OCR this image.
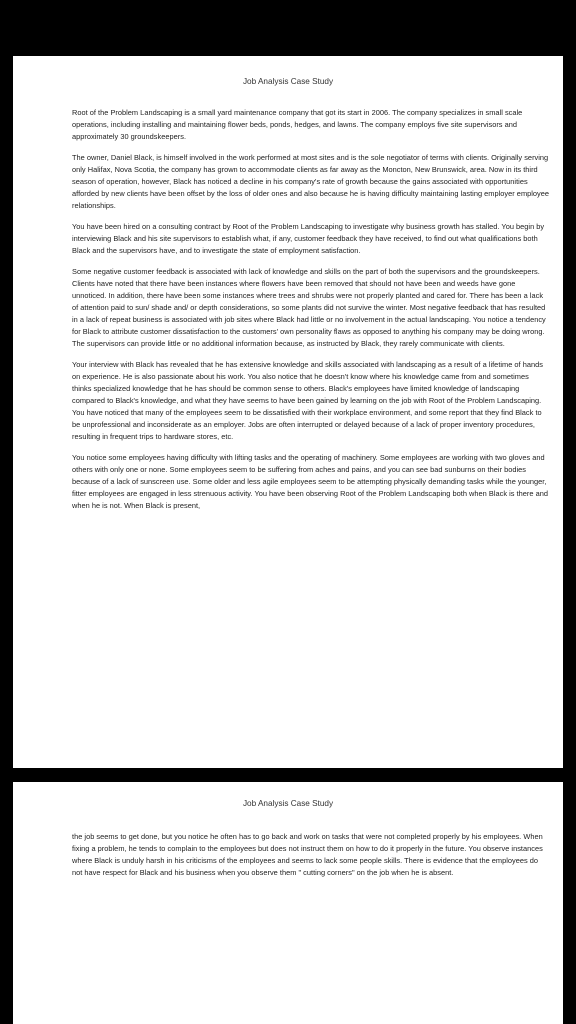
Job Analysis Case Study

Root of the Problem Landscaping is a small yard maintenance company that got its start in 2006. The company specializes in small scale operations, including installing and maintaining flower beds, ponds, hedges, and lawns. The company employs five site supervisors and approximately 30 groundskeepers.

The owner, Daniel Black, is himself involved in the work performed at most sites and is the sole negotiator of terms with clients. Originally serving only Halifax, Nova Scotia, the company has grown to accommodate clients as far away as the Moncton, New Brunswick, area. Now in its third season of operation, however, Black has noticed a decline in his company's rate of growth because the gains associated with opportunities afforded by new clients have been offset by the loss of older ones and also because he is having difficulty maintaining lasting employer employee relationships.

You have been hired on a consulting contract by Root of the Problem Landscaping to investigate why business growth has stalled. You begin by interviewing Black and his site supervisors to establish what, if any, customer feedback they have received, to find out what qualifications both Black and the supervisors have, and to investigate the state of employment satisfaction.

Some negative customer feedback is associated with lack of knowledge and skills on the part of both the supervisors and the groundskeepers. Clients have noted that there have been instances where flowers have been removed that should not have been and weeds have gone unnoticed. In addition, there have been some instances where trees and shrubs were not properly planted and cared for. There has been a lack of attention paid to sun/ shade and/ or depth considerations, so some plants did not survive the winter. Most negative feedback that has resulted in a lack of repeat business is associated with job sites where Black had little or no involvement in the actual landscaping. You notice a tendency for Black to attribute customer dissatisfaction to the customers' own personality flaws as opposed to anything his company may be doing wrong. The supervisors can provide little or no additional information because, as instructed by Black, they rarely communicate with clients.

Your interview with Black has revealed that he has extensive knowledge and skills associated with landscaping as a result of a lifetime of hands on experience. He is also passionate about his work. You also notice that he doesn't know where his knowledge came from and sometimes thinks specialized knowledge that he has should be common sense to others. Black's employees have limited knowledge of landscaping compared to Black's knowledge, and what they have seems to have been gained by learning on the job with Root of the Problem Landscaping. You have noticed that many of the employees seem to be dissatisfied with their workplace environment, and some report that they find Black to be unprofessional and inconsiderate as an employer. Jobs are often interrupted or delayed because of a lack of proper inventory procedures, resulting in frequent trips to hardware stores, etc.

You notice some employees having difficulty with lifting tasks and the operating of machinery. Some employees are working with two gloves and others with only one or none. Some employees seem to be suffering from aches and pains, and you can see bad sunburns on their bodies because of a lack of sunscreen use. Some older and less agile employees seem to be attempting physically demanding tasks while the younger, fitter employees are engaged in less strenuous activity. You have been observing Root of the Problem Landscaping both when Black is there and when he is not. When Black is present,

Job Analysis Case Study

the job seems to get done, but you notice he often has to go back and work on tasks that were not completed properly by his employees. When fixing a problem, he tends to complain to the employees but does not instruct them on how to do it properly in the future. You observe instances where Black is unduly harsh in his criticisms of the employees and seems to lack some people skills. There is evidence that the employees do not have respect for Black and his business when you observe them " cutting corners" on the job when he is absent.
